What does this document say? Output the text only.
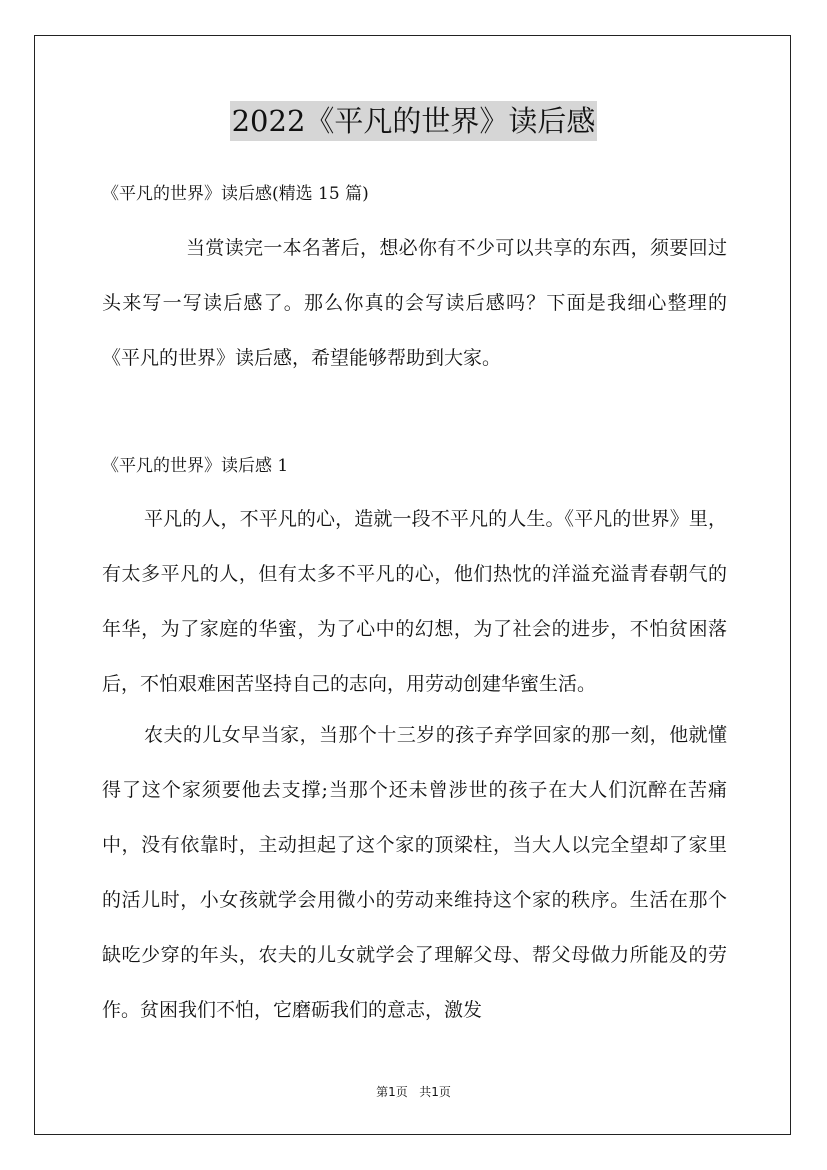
2022《平凡的世界》读后感
《平凡的世界》读后感(精选 15 篇)

当赏读完一本名著后，想必你有不少可以共享的东西，须要回过头来写一写读后感了。那么你真的会写读后感吗？下面是我细心整理的《平凡的世界》读后感，希望能够帮助到大家。

《平凡的世界》读后感 1

平凡的人，不平凡的心，造就一段不平凡的人生。《平凡的世界》里，有太多平凡的人，但有太多不平凡的心，他们热忱的洋溢充溢青春朝气的年华，为了家庭的华蜜，为了心中的幻想，为了社会的进步，不怕贫困落后，不怕艰难困苦坚持自己的志向，用劳动创建华蜜生活。

农夫的儿女早当家，当那个十三岁的孩子弃学回家的那一刻，他就懂得了这个家须要他去支撑;当那个还未曾涉世的孩子在大人们沉醉在苦痛中，没有依靠时，主动担起了这个家的顶梁柱，当大人以完全望却了家里的活儿时，小女孩就学会用微小的劳动来维持这个家的秩序。生活在那个缺吃少穿的年头，农夫的儿女就学会了理解父母、帮父母做力所能及的劳作。贫困我们不怕，它磨砺我们的意志，激发

第1页   共1页
